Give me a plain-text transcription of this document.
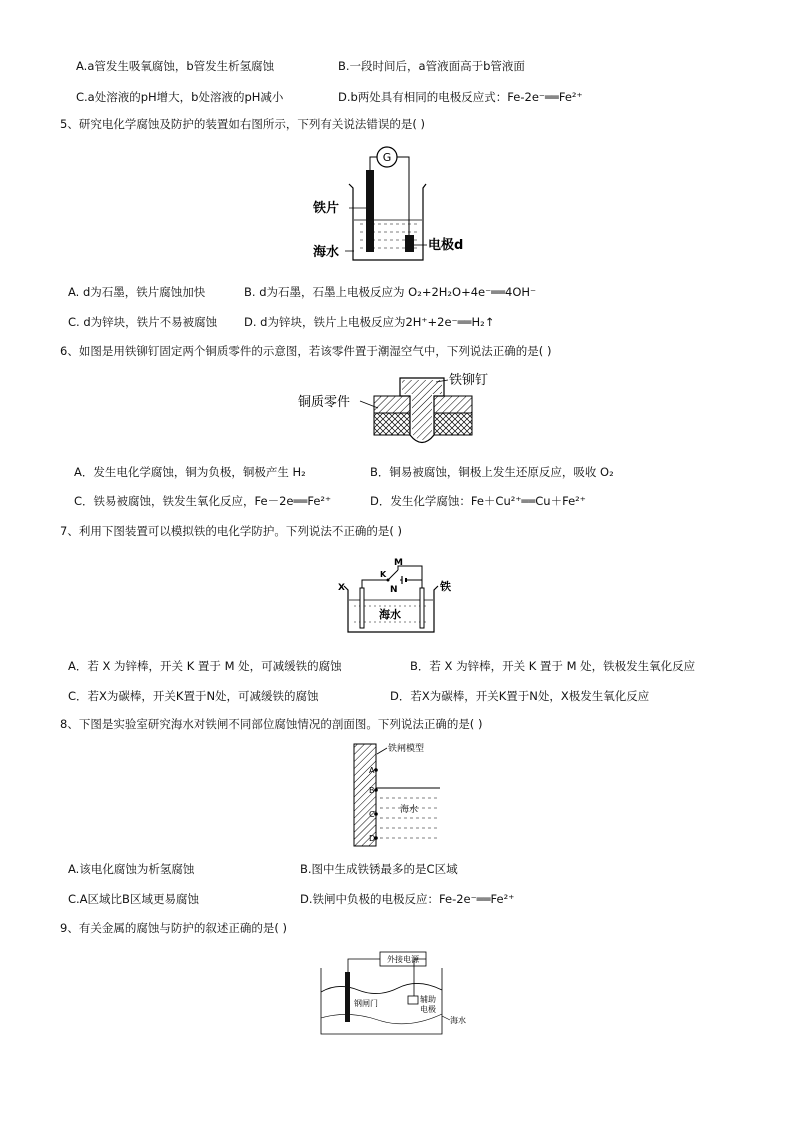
A.a管发生吸氧腐蚀，b管发生析氢腐蚀	B.一段时间后，a管液面高于b管液面
C.a处溶液的pH增大，b处溶液的pH减小	D.b两处具有相同的电极反应式：Fe-2e⁻══Fe²⁺
5、研究电化学腐蚀及防护的装置如右图所示，下列有关说法错误的是( )
G
铁片
海水	电极d
A. d为石墨，铁片腐蚀加快	B. d为石墨，石墨上电极反应为 O₂+2H₂O+4e⁻══4OH⁻
C. d为锌块，铁片不易被腐蚀 D. d为锌块，铁片上电极反应为2H⁺+2e⁻══H₂↑
6、如图是用铁铆钉固定两个铜质零件的示意图，若该零件置于潮湿空气中，下列说法正确的是( )
铁铆钉
铜质零件
A．发生电化学腐蚀，铜为负极，铜极产生 H₂	B．铜易被腐蚀，铜极上发生还原反应，吸收 O₂
C．铁易被腐蚀，铁发生氧化反应，Fe－2e══Fe²⁺	D．发生化学腐蚀：Fe＋Cu²⁺══Cu＋Fe²⁺
7、利用下图装置可以模拟铁的电化学防护。下列说法不正确的是( )
M
K
N
X	铁
海水
A．若 X 为锌棒，开关 K 置于 M 处，可减缓铁的腐蚀	B．若 X 为锌棒，开关 K 置于 M 处，铁极发生氧化反应
C．若X为碳棒，开关K置于N处，可减缓铁的腐蚀	D．若X为碳棒，开关K置于N处，X极发生氧化反应
8、下图是实验室研究海水对铁闸不同部位腐蚀情况的剖面图。下列说法正确的是( )
A
B
C
D
铁闸模型
海水
A.该电化腐蚀为析氢腐蚀	B.图中生成铁锈最多的是C区域
C.A区域比B区域更易腐蚀	D.铁闸中负极的电极反应：Fe-2e⁻══Fe²⁺
9、有关金属的腐蚀与防护的叙述正确的是( )
外接电源
钢闸门	辅助
电极
海水
